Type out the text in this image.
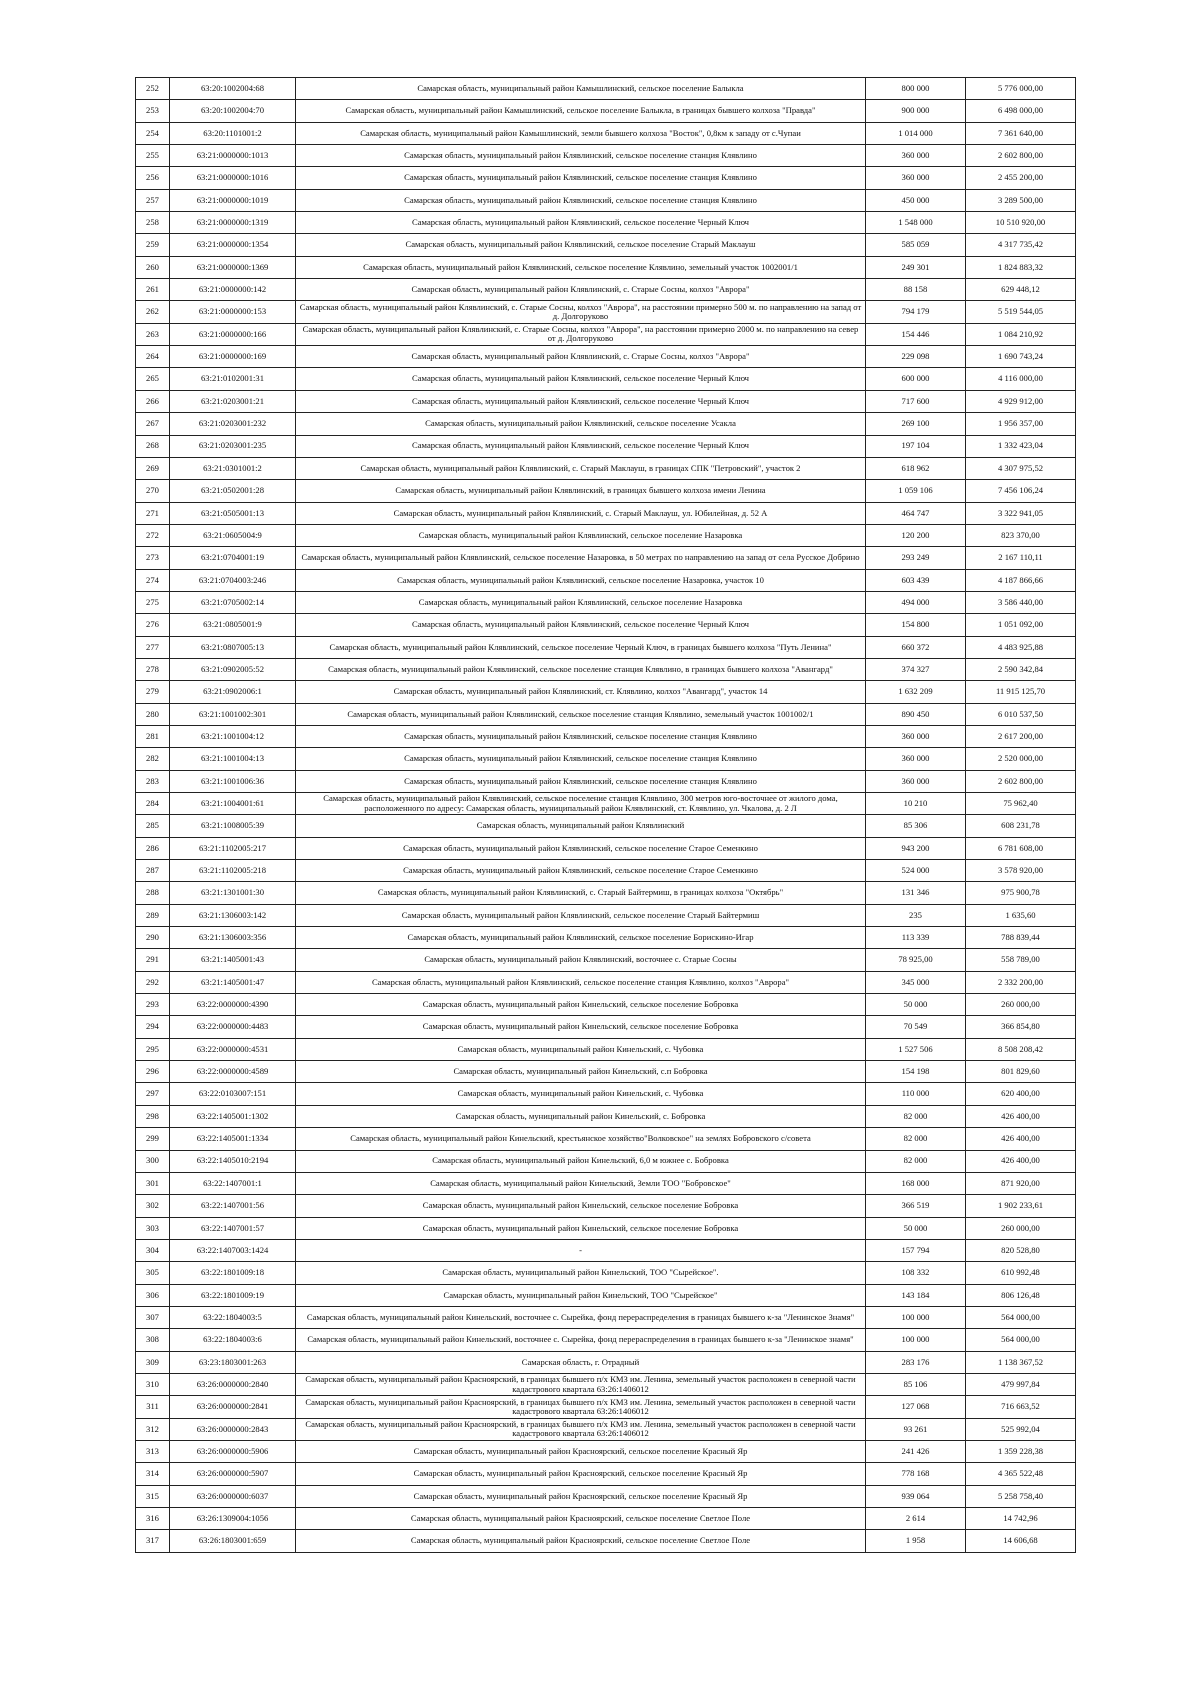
252	63:20:1002004:68	Самарская область, муниципальный район Камышлинский, сельское поселение Балыкла	800 000	5 776 000,00
253	63:20:1002004:70	Самарская область, муниципальный район Камышлинский, сельское поселение Балыкла, в границах бывшего колхоза "Правда"	900 000	6 498 000,00
254	63:20:1101001:2	Самарская область, муниципальный район Камышлинский, земли бывшего колхоза "Восток", 0,8км к западу от с.Чупаи	1 014 000	7 361 640,00
255	63:21:0000000:1013	Самарская область, муниципальный район Клявлинский, сельское поселение станция Клявлино	360 000	2 602 800,00
256	63:21:0000000:1016	Самарская область, муниципальный район Клявлинский, сельское поселение станция Клявлино	360 000	2 455 200,00
257	63:21:0000000:1019	Самарская область, муниципальный район Клявлинский, сельское поселение станция Клявлино	450 000	3 289 500,00
258	63:21:0000000:1319	Самарская область, муниципальный район Клявлинский, сельское поселение Черный Ключ	1 548 000	10 510 920,00
259	63:21:0000000:1354	Самарская область, муниципальный район Клявлинский, сельское поселение Старый Маклауш	585 059	4 317 735,42
260	63:21:0000000:1369	Самарская область, муниципальный район Клявлинский, сельское поселение Клявлино, земельный участок 1002001/1	249 301	1 824 883,32
261	63:21:0000000:142	Самарская область, муниципальный район Клявлинский, с. Старые Сосны, колхоз "Аврора"	88 158	629 448,12
262	63:21:0000000:153	Самарская область, муниципальный район Клявлинский, с. Старые Сосны, колхоз "Аврора", на расстоянии примерно 500 м. по направлению на запад от д. Долгоруково	794 179	5 519 544,05
263	63:21:0000000:166	Самарская область, муниципальный район Клявлинский, с. Старые Сосны, колхоз "Аврора", на расстоянии примерно 2000 м. по направлению на север от д. Долгоруково	154 446	1 084 210,92
264	63:21:0000000:169	Самарская область, муниципальный район Клявлинский, с. Старые Сосны, колхоз "Аврора"	229 098	1 690 743,24
265	63:21:0102001:31	Самарская область, муниципальный район Клявлинский, сельское поселение Черный Ключ	600 000	4 116 000,00
266	63:21:0203001:21	Самарская область, муниципальный район Клявлинский, сельское поселение Черный Ключ	717 600	4 929 912,00
267	63:21:0203001:232	Самарская область, муниципальный район Клявлинский, сельское поселение Усакла	269 100	1 956 357,00
268	63:21:0203001:235	Самарская область, муниципальный район Клявлинский, сельское поселение Черный Ключ	197 104	1 332 423,04
269	63:21:0301001:2	Самарская область, муниципальный район Клявлинский, с. Старый Маклауш, в границах СПК "Петровский", участок 2	618 962	4 307 975,52
270	63:21:0502001:28	Самарская область, муниципальный район Клявлинский, в границах бывшего колхоза имени Ленина	1 059 106	7 456 106,24
271	63:21:0505001:13	Самарская область, муниципальный район Клявлинский, с. Старый Маклауш, ул. Юбилейная, д. 52 А	464 747	3 322 941,05
272	63:21:0605004:9	Самарская область, муниципальный район Клявлинский, сельское поселение Назаровка	120 200	823 370,00
273	63:21:0704001:19	Самарская область, муниципальный район Клявлинский, сельское поселение Назаровка, в 50 метрах по направлению на запад от села Русское Добрино	293 249	2 167 110,11
274	63:21:0704003:246	Самарская область, муниципальный район Клявлинский, сельское поселение Назаровка, участок 10	603 439	4 187 866,66
275	63:21:0705002:14	Самарская область, муниципальный район Клявлинский, сельское поселение Назаровка	494 000	3 586 440,00
276	63:21:0805001:9	Самарская область, муниципальный район Клявлинский, сельское поселение Черный Ключ	154 800	1 051 092,00
277	63:21:0807005:13	Самарская область, муниципальный район Клявлинский, сельское поселение Черный Ключ, в границах бывшего колхоза "Путь Ленина"	660 372	4 483 925,88
278	63:21:0902005:52	Самарская область, муниципальный район Клявлинский, сельское поселение станция Клявлино, в границах бывшего колхоза "Авангард"	374 327	2 590 342,84
279	63:21:0902006:1	Самарская область, муниципальный район Клявлинский, ст. Клявлино, колхоз "Авангард", участок 14	1 632 209	11 915 125,70
280	63:21:1001002:301	Самарская область, муниципальный район Клявлинский, сельское поселение станция Клявлино, земельный участок 1001002/1	890 450	6 010 537,50
281	63:21:1001004:12	Самарская область, муниципальный район Клявлинский, сельское поселение станция Клявлино	360 000	2 617 200,00
282	63:21:1001004:13	Самарская область, муниципальный район Клявлинский, сельское поселение станция Клявлино	360 000	2 520 000,00
283	63:21:1001006:36	Самарская область, муниципальный район Клявлинский, сельское поселение станция Клявлино	360 000	2 602 800,00
284	63:21:1004001:61	Самарская область, муниципальный район Клявлинский, сельское поселение станция Клявлино, 300 метров юго-восточнее от жилого дома, расположенного по адресу: Самарская область, муниципальный район Клявлинский, ст. Клявлино, ул. Чкалова, д. 2 Л	10 210	75 962,40
285	63:21:1008005:39	Самарская область, муниципальный район Клявлинский	85 306	608 231,78
286	63:21:1102005:217	Самарская область, муниципальный район Клявлинский, сельское поселение Старое Семенкино	943 200	6 781 608,00
287	63:21:1102005:218	Самарская область, муниципальный район Клявлинский, сельское поселение Старое Семенкино	524 000	3 578 920,00
288	63:21:1301001:30	Самарская область, муниципальный район Клявлинский, с. Старый Байтермиш, в границах колхоза "Октябрь"	131 346	975 900,78
289	63:21:1306003:142	Самарская область, муниципальный район Клявлинский, сельское поселение Старый Байтермиш	235	1 635,60
290	63:21:1306003:356	Самарская область, муниципальный район Клявлинский, сельское поселение Борискино-Игар	113 339	788 839,44
291	63:21:1405001:43	Самарская область, муниципальный район Клявлинский, восточнее с. Старые Сосны	78 925,00	558 789,00
292	63:21:1405001:47	Самарская область, муниципальный район Клявлинский, сельское поселение станция Клявлино, колхоз "Аврора"	345 000	2 332 200,00
293	63:22:0000000:4390	Самарская область, муниципальный район Кинельский, сельское поселение Бобровка	50 000	260 000,00
294	63:22:0000000:4483	Самарская область, муниципальный район Кинельский, сельское поселение Бобровка	70 549	366 854,80
295	63:22:0000000:4531	Самарская область, муниципальный район Кинельский, с. Чубовка	1 527 506	8 508 208,42
296	63:22:0000000:4589	Самарская область, муниципальный район Кинельский, с.п Бобровка	154 198	801 829,60
297	63:22:0103007:151	Самарская область, муниципальный район Кинельский, с. Чубовка	110 000	620 400,00
298	63:22:1405001:1302	Самарская область, муниципальный район Кинельский, с. Бобровка	82 000	426 400,00
299	63:22:1405001:1334	Самарская область, муниципальный район Кинельский, крестьянское хозяйство"Волковское" на землях Бобровского с/совета	82 000	426 400,00
300	63:22:1405010:2194	Самарская область, муниципальный район Кинельский, 6,0 м южнее с. Бобровка	82 000	426 400,00
301	63:22:1407001:1	Самарская область, муниципальный район Кинельский, Земли ТОО "Бобровское"	168 000	871 920,00
302	63:22:1407001:56	Самарская область, муниципальный район Кинельский, сельское поселение Бобровка	366 519	1 902 233,61
303	63:22:1407001:57	Самарская область, муниципальный район Кинельский, сельское поселение Бобровка	50 000	260 000,00
304	63:22:1407003:1424	-	157 794	820 528,80
305	63:22:1801009:18	Самарская область, муниципальный район Кинельский, ТОО "Сырейское".	108 332	610 992,48
306	63:22:1801009:19	Самарская область, муниципальный район Кинельский, ТОО "Сырейское"	143 184	806 126,48
307	63:22:1804003:5	Самарская область, муниципальный район Кинельский, восточнее с. Сырейка, фонд перераспределения в границах бывшего к-за "Ленинское Знамя"	100 000	564 000,00
308	63:22:1804003:6	Самарская область, муниципальный район Кинельский, восточнее с. Сырейка, фонд перераспределения в границах бывшего к-за "Ленинское знамя"	100 000	564 000,00
309	63:23:1803001:263	Самарская область, г. Отрадный	283 176	1 138 367,52
310	63:26:0000000:2840	Самарская область, муниципальный район Красноярский, в границах бывшего п/х КМЗ им. Ленина, земельный участок расположен в северной части кадастрового квартала 63:26:1406012	85 106	479 997,84
311	63:26:0000000:2841	Самарская область, муниципальный район Красноярский, в границах бывшего п/х КМЗ им. Ленина, земельный участок расположен в северной части кадастрового квартала 63:26:1406012	127 068	716 663,52
312	63:26:0000000:2843	Самарская область, муниципальный район Красноярский, в границах бывшего п/х КМЗ им. Ленина, земельный участок расположен в северной части кадастрового квартала 63:26:1406012	93 261	525 992,04
313	63:26:0000000:5906	Самарская область, муниципальный район Красноярский, сельское поселение Красный Яр	241 426	1 359 228,38
314	63:26:0000000:5907	Самарская область, муниципальный район Красноярский, сельское поселение Красный Яр	778 168	4 365 522,48
315	63:26:0000000:6037	Самарская область, муниципальный район Красноярский, сельское поселение Красный Яр	939 064	5 258 758,40
316	63:26:1309004:1056	Самарская область, муниципальный район Красноярский, сельское поселение Светлое Поле	2 614	14 742,96
317	63:26:1803001:659	Самарская область, муниципальный район Красноярский, сельское поселение Светлое Поле	1 958	14 606,68
